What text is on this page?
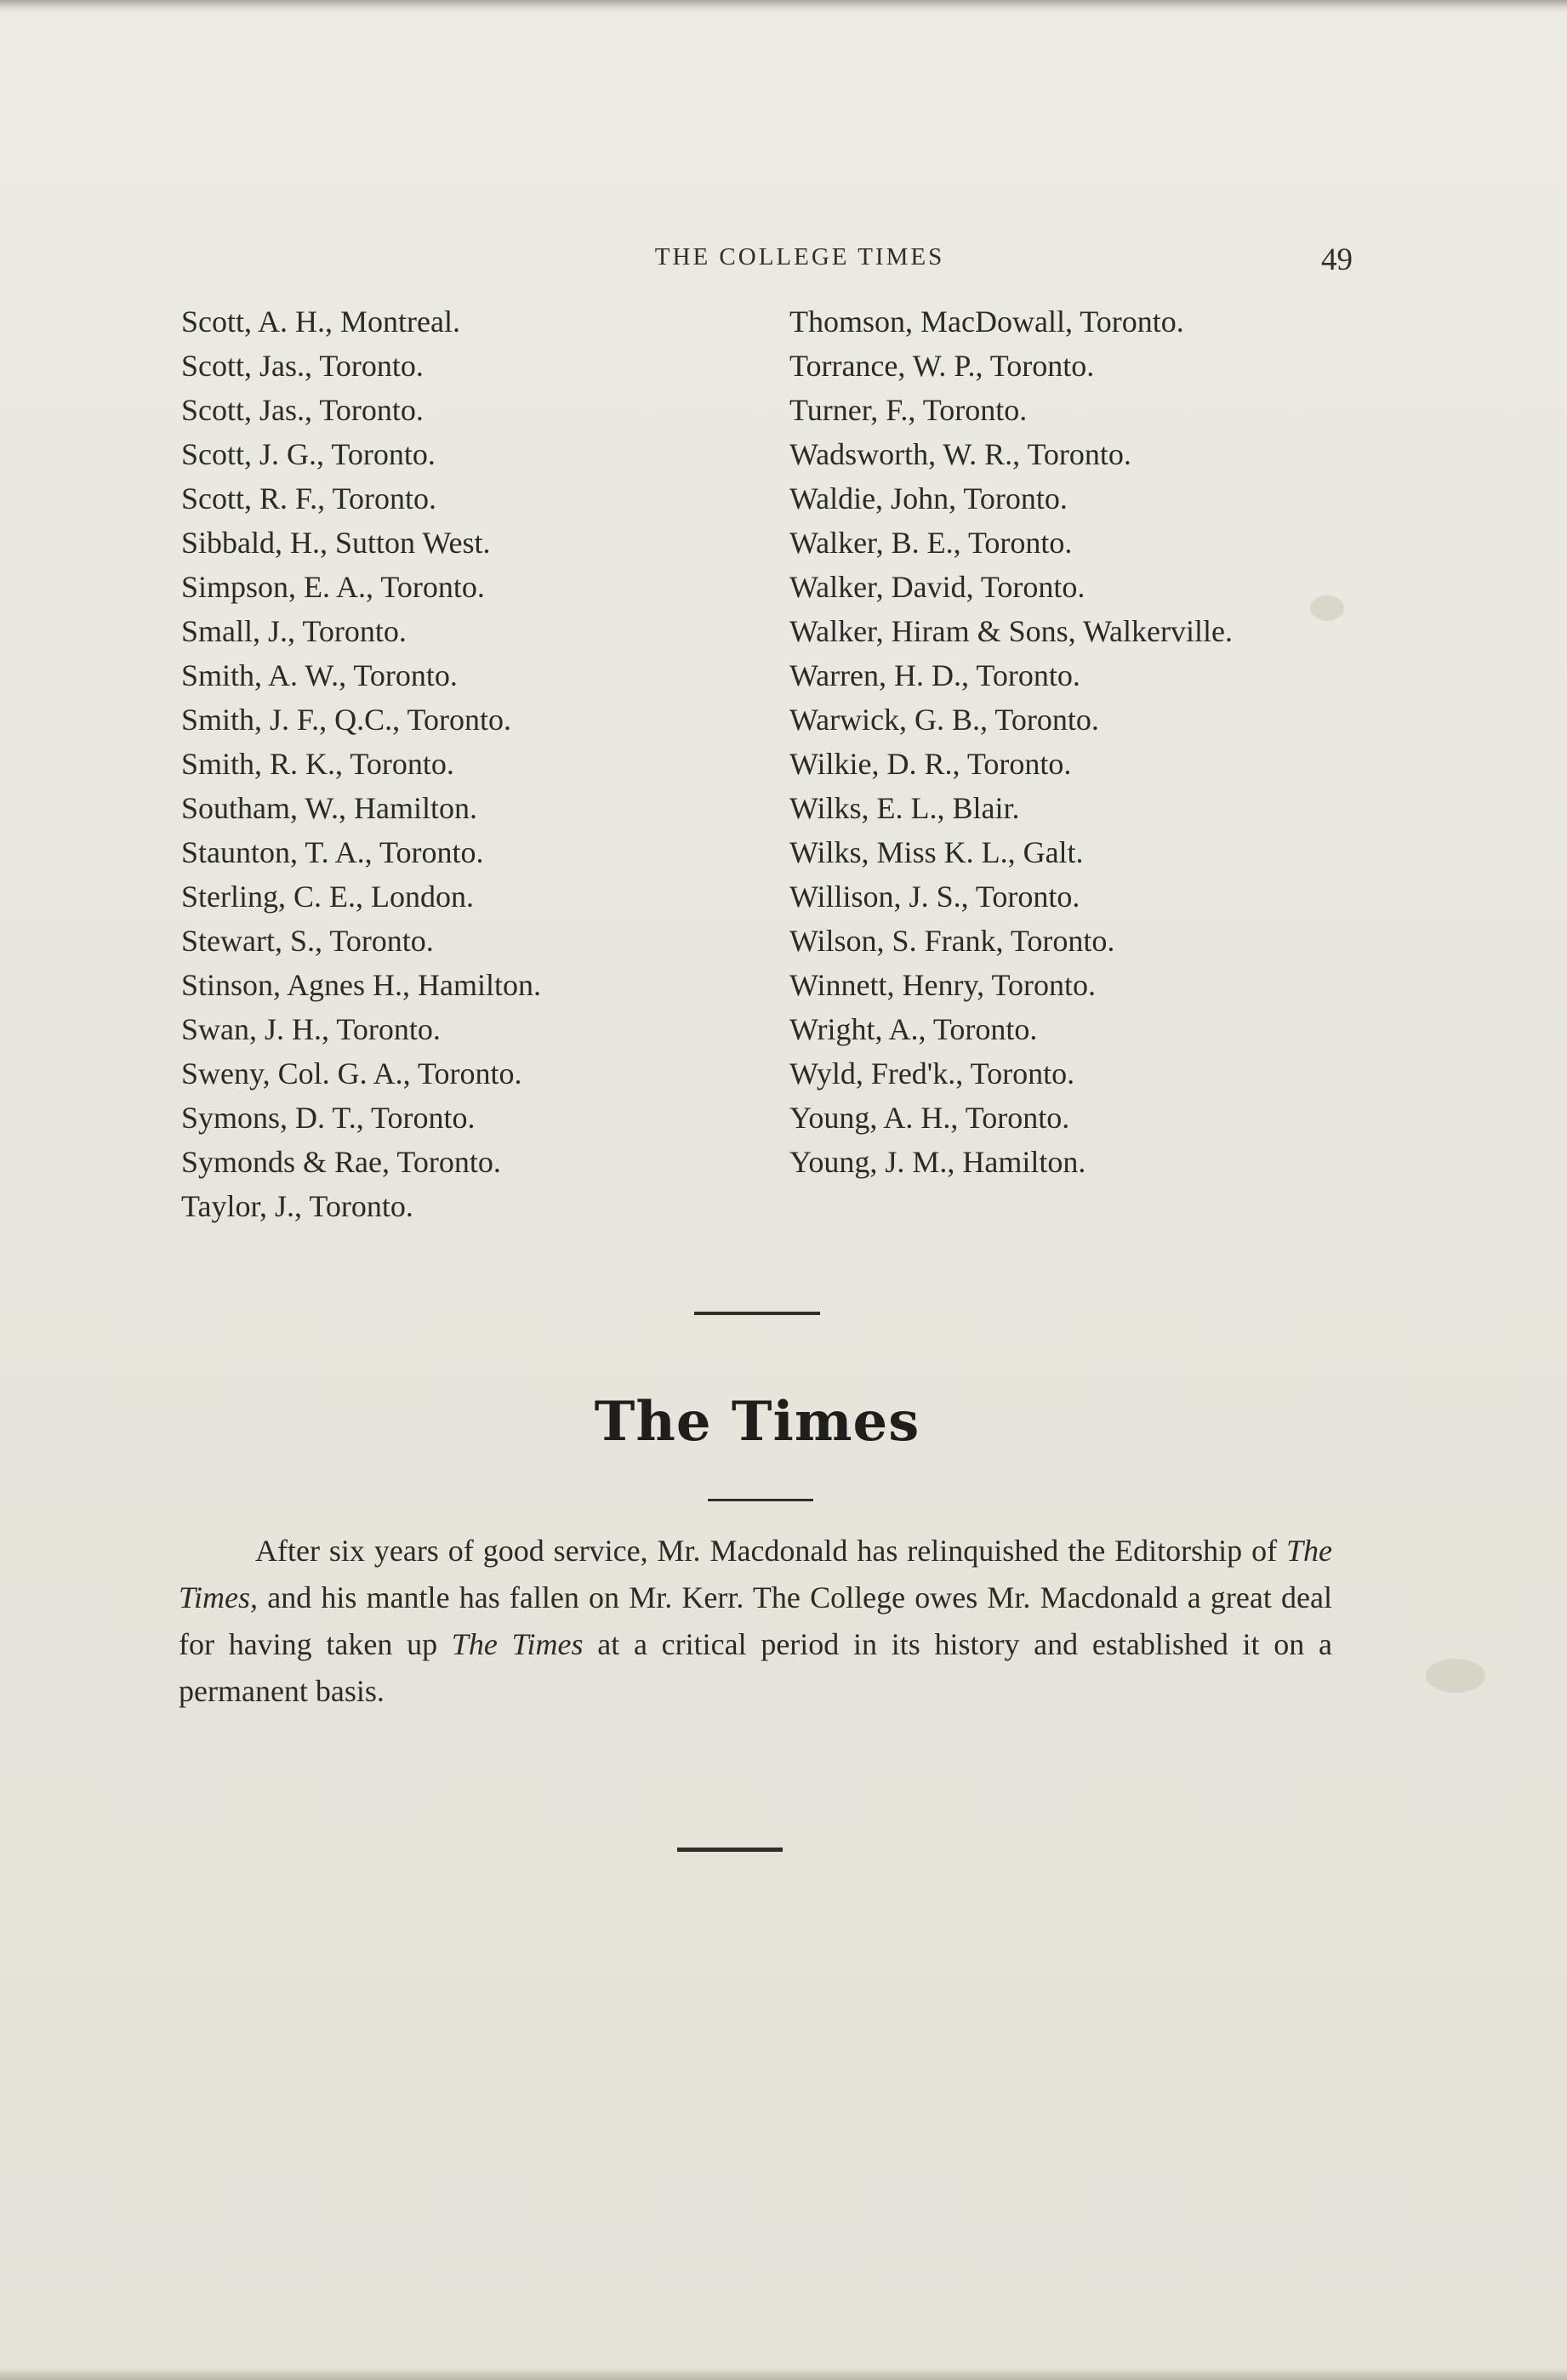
THE COLLEGE TIMES	49
Scott, A. H., Montreal.
Scott, Jas., Toronto.
Scott, Jas., Toronto.
Scott, J. G., Toronto.
Scott, R. F., Toronto.
Sibbald, H., Sutton West.
Simpson, E. A., Toronto.
Small, J., Toronto.
Smith, A. W., Toronto.
Smith, J. F., Q.C., Toronto.
Smith, R. K., Toronto.
Southam, W., Hamilton.
Staunton, T. A., Toronto.
Sterling, C. E., London.
Stewart, S., Toronto.
Stinson, Agnes H., Hamilton.
Swan, J. H., Toronto.
Sweny, Col. G. A., Toronto.
Symons, D. T., Toronto.
Symonds & Rae, Toronto.
Taylor, J., Toronto.
Thomson, MacDowall, Toronto.
Torrance, W. P., Toronto.
Turner, F., Toronto.
Wadsworth, W. R., Toronto.
Waldie, John, Toronto.
Walker, B. E., Toronto.
Walker, David, Toronto.
Walker, Hiram & Sons, Walkerville.
Warren, H. D., Toronto.
Warwick, G. B., Toronto.
Wilkie, D. R., Toronto.
Wilks, E. L., Blair.
Wilks, Miss K. L., Galt.
Willison, J. S., Toronto.
Wilson, S. Frank, Toronto.
Winnett, Henry, Toronto.
Wright, A., Toronto.
Wyld, Fred'k., Toronto.
Young, A. H., Toronto.
Young, J. M., Hamilton.
The Times

After six years of good service, Mr. Macdonald has relinquished the Editorship of The Times, and his mantle has fallen on Mr. Kerr. The College owes Mr. Macdonald a great deal for having taken up The Times at a critical period in its history and established it on a permanent basis.
